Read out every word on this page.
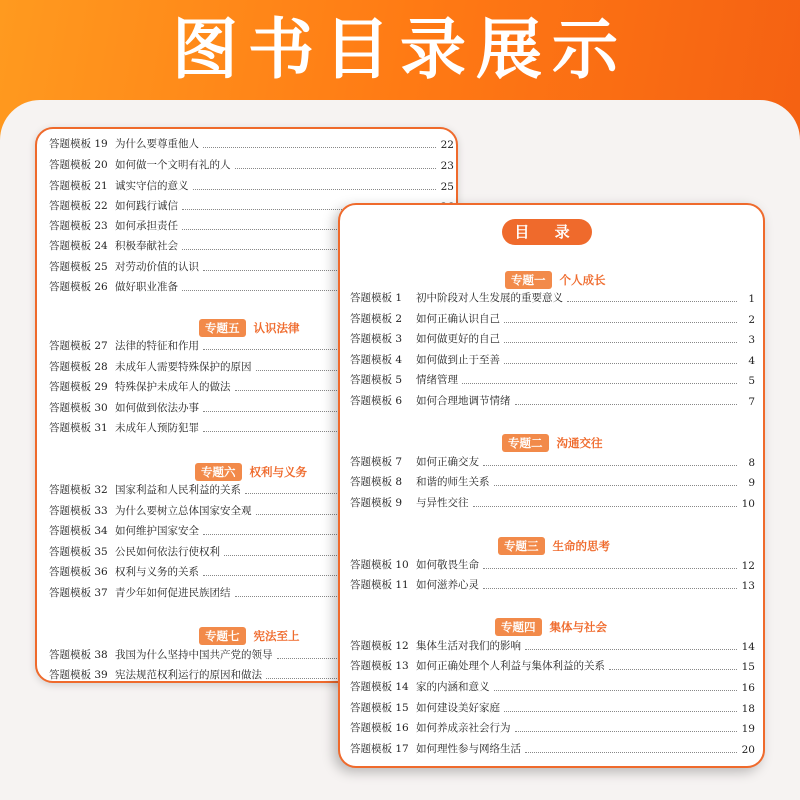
图书目录展示
答题模板 19 为什么要尊重他人	22
答题模板 20 如何做一个文明有礼的人	23
答题模板 21 诚实守信的意义	25
答题模板 22 如何践行诚信
答题模板 23 如何承担责任
答题模板 24 积极奉献社会
答题模板 25 对劳动价值的认识
答题模板 26 做好职业准备
专题五	认识法律
答题模板 27 法律的特征和作用
答题模板 28 未成年人需要特殊保护的原因
答题模板 29 特殊保护未成年人的做法
答题模板 30 如何做到依法办事
答题模板 31 未成年人预防犯罪
专题六	权利与义务
答题模板 32 国家利益和人民利益的关系
答题模板 33 为什么要树立总体国家安全观
答题模板 34 如何维护国家安全
答题模板 35 公民如何依法行使权利
答题模板 36 权利与义务的关系
答题模板 37 青少年如何促进民族团结
专题七	宪法至上
答题模板 38 我国为什么坚持中国共产党的领导
答题模板 39 宪法规范权利运行的原因和做法
目 录
专题一	个人成长
答题模板 1	初中阶段对人生发展的重要意义	1
答题模板 2	如何正确认识自己	2
答题模板 3	如何做更好的自己	3
答题模板 4	如何做到止于至善	4
答题模板 5	情绪管理	5
答题模板 6	如何合理地调节情绪	7
专题二	沟通交往
答题模板 7	如何正确交友	8
答题模板 8	和谐的师生关系	9
答题模板 9	与异性交往	10
专题三	生命的思考
答题模板 10 如何敬畏生命	12
答题模板 11 如何滋养心灵	13
专题四	集体与社会
答题模板 12 集体生活对我们的影响	14
答题模板 13 如何正确处理个人利益与集体利益的关系	15
答题模板 14 家的内涵和意义	16
答题模板 15 如何建设美好家庭	18
答题模板 16 如何养成亲社会行为	19
答题模板 17 如何理性参与网络生活	20
